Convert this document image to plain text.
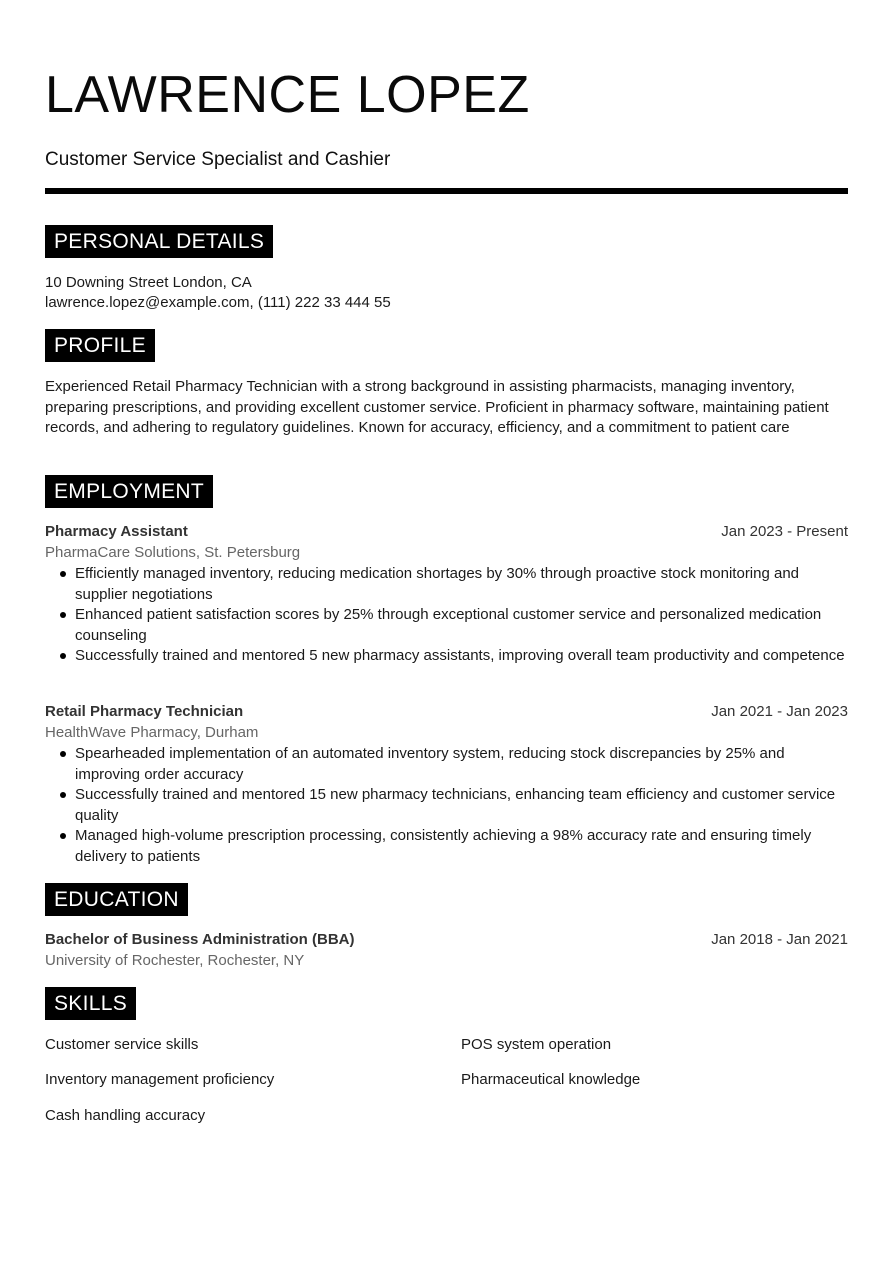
LAWRENCE LOPEZ
Customer Service Specialist and Cashier
PERSONAL DETAILS
10 Downing Street London, CA
lawrence.lopez@example.com, (111) 222 33 444 55
PROFILE

Experienced Retail Pharmacy Technician with a strong background in assisting pharmacists, managing inventory, preparing prescriptions, and providing excellent customer service. Proficient in pharmacy software, maintaining patient records, and adhering to regulatory guidelines. Known for accuracy, efficiency, and a commitment to patient care

EMPLOYMENT
Pharmacy Assistant	Jan 2023 - Present
PharmaCare Solutions, St. Petersburg
Efficiently managed inventory, reducing medication shortages by 30% through proactive stock monitoring and supplier negotiations
Enhanced patient satisfaction scores by 25% through exceptional customer service and personalized medication counseling
Successfully trained and mentored 5 new pharmacy assistants, improving overall team productivity and competence
Retail Pharmacy Technician	Jan 2021 - Jan 2023
HealthWave Pharmacy, Durham
Spearheaded implementation of an automated inventory system, reducing stock discrepancies by 25% and improving order accuracy
Successfully trained and mentored 15 new pharmacy technicians, enhancing team efficiency and customer service quality
Managed high-volume prescription processing, consistently achieving a 98% accuracy rate and ensuring timely delivery to patients
EDUCATION
Bachelor of Business Administration (BBA)	Jan 2018 - Jan 2021
University of Rochester, Rochester, NY
SKILLS
Customer service skills	POS system operation
Inventory management proficiency	Pharmaceutical knowledge
Cash handling accuracy
